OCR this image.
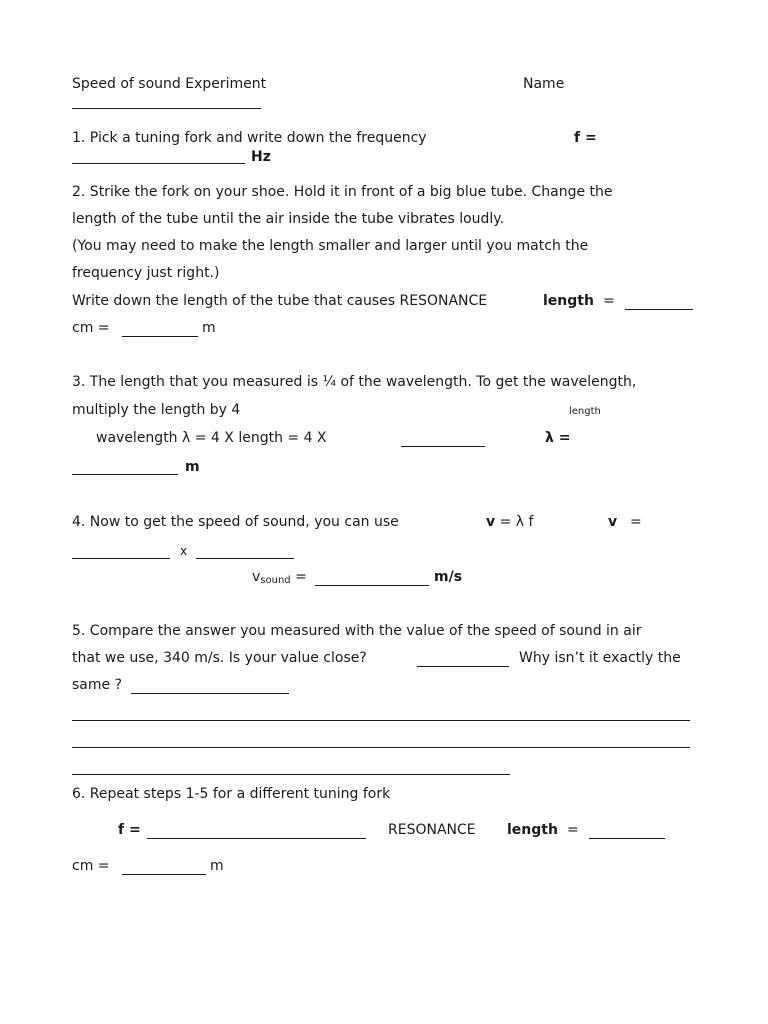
Speed of sound Experiment	Name
1. Pick a tuning fork and write down the frequency	f =
Hz
2. Strike the fork on your shoe. Hold it in front of a big blue tube. Change the
length of the tube until the air inside the tube vibrates loudly.
(You may need to make the length smaller and larger until you match the
frequency just right.)
Write down the length of the tube that causes RESONANCE	length =
cm =	m
3. The length that you measured is ¼ of the wavelength. To get the wavelength,
multiply the length by 4	length
wavelength λ = 4 X length = 4 X	λ =
m
4. Now to get the speed of sound, you can use	v = λ f	v =
x
$v_{sound}$ =	m/s
5. Compare the answer you measured with the value of the speed of sound in air
that we use, 340 m/s. Is your value close?	Why isn’t it exactly the
same ?
6. Repeat steps 1-5 for a different tuning fork
f =	RESONANCE length =
cm =	m
